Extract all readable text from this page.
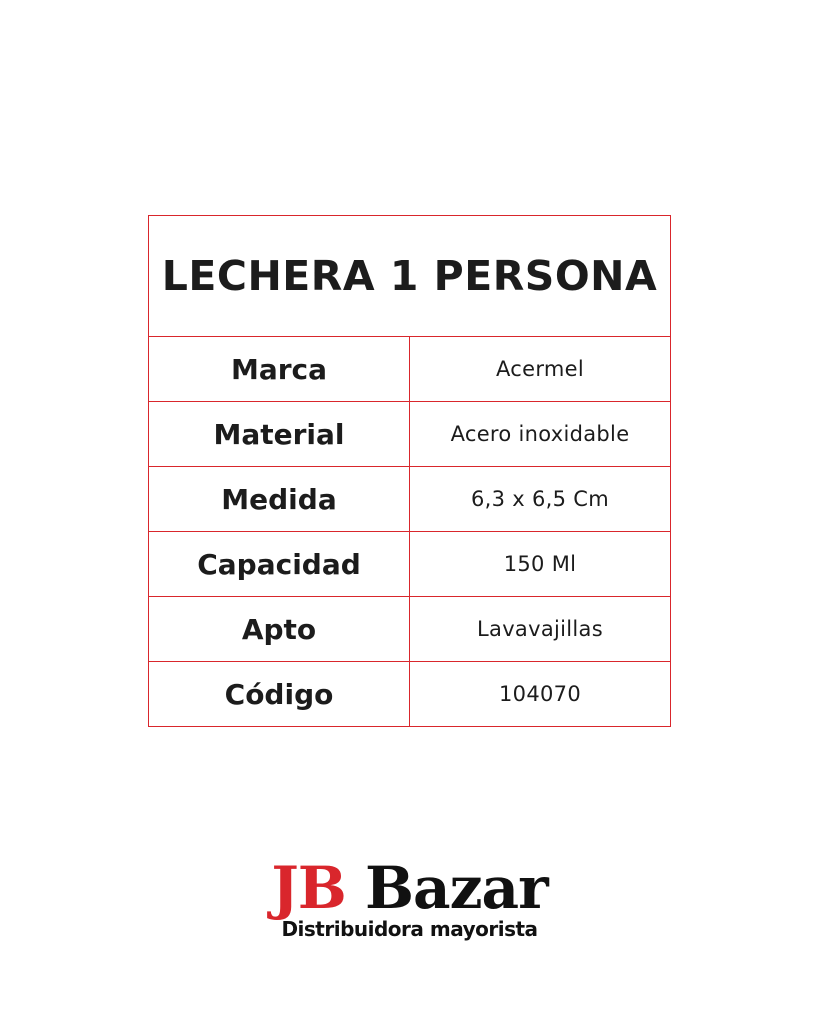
LECHERA 1 PERSONA	
Marca	Acermel
Material	Acero inoxidable
Medida	6,3 x 6,5 Cm
Capacidad	150 Ml
Apto	Lavavajillas
Código	104070
JB Bazar
Distribuidora mayorista
